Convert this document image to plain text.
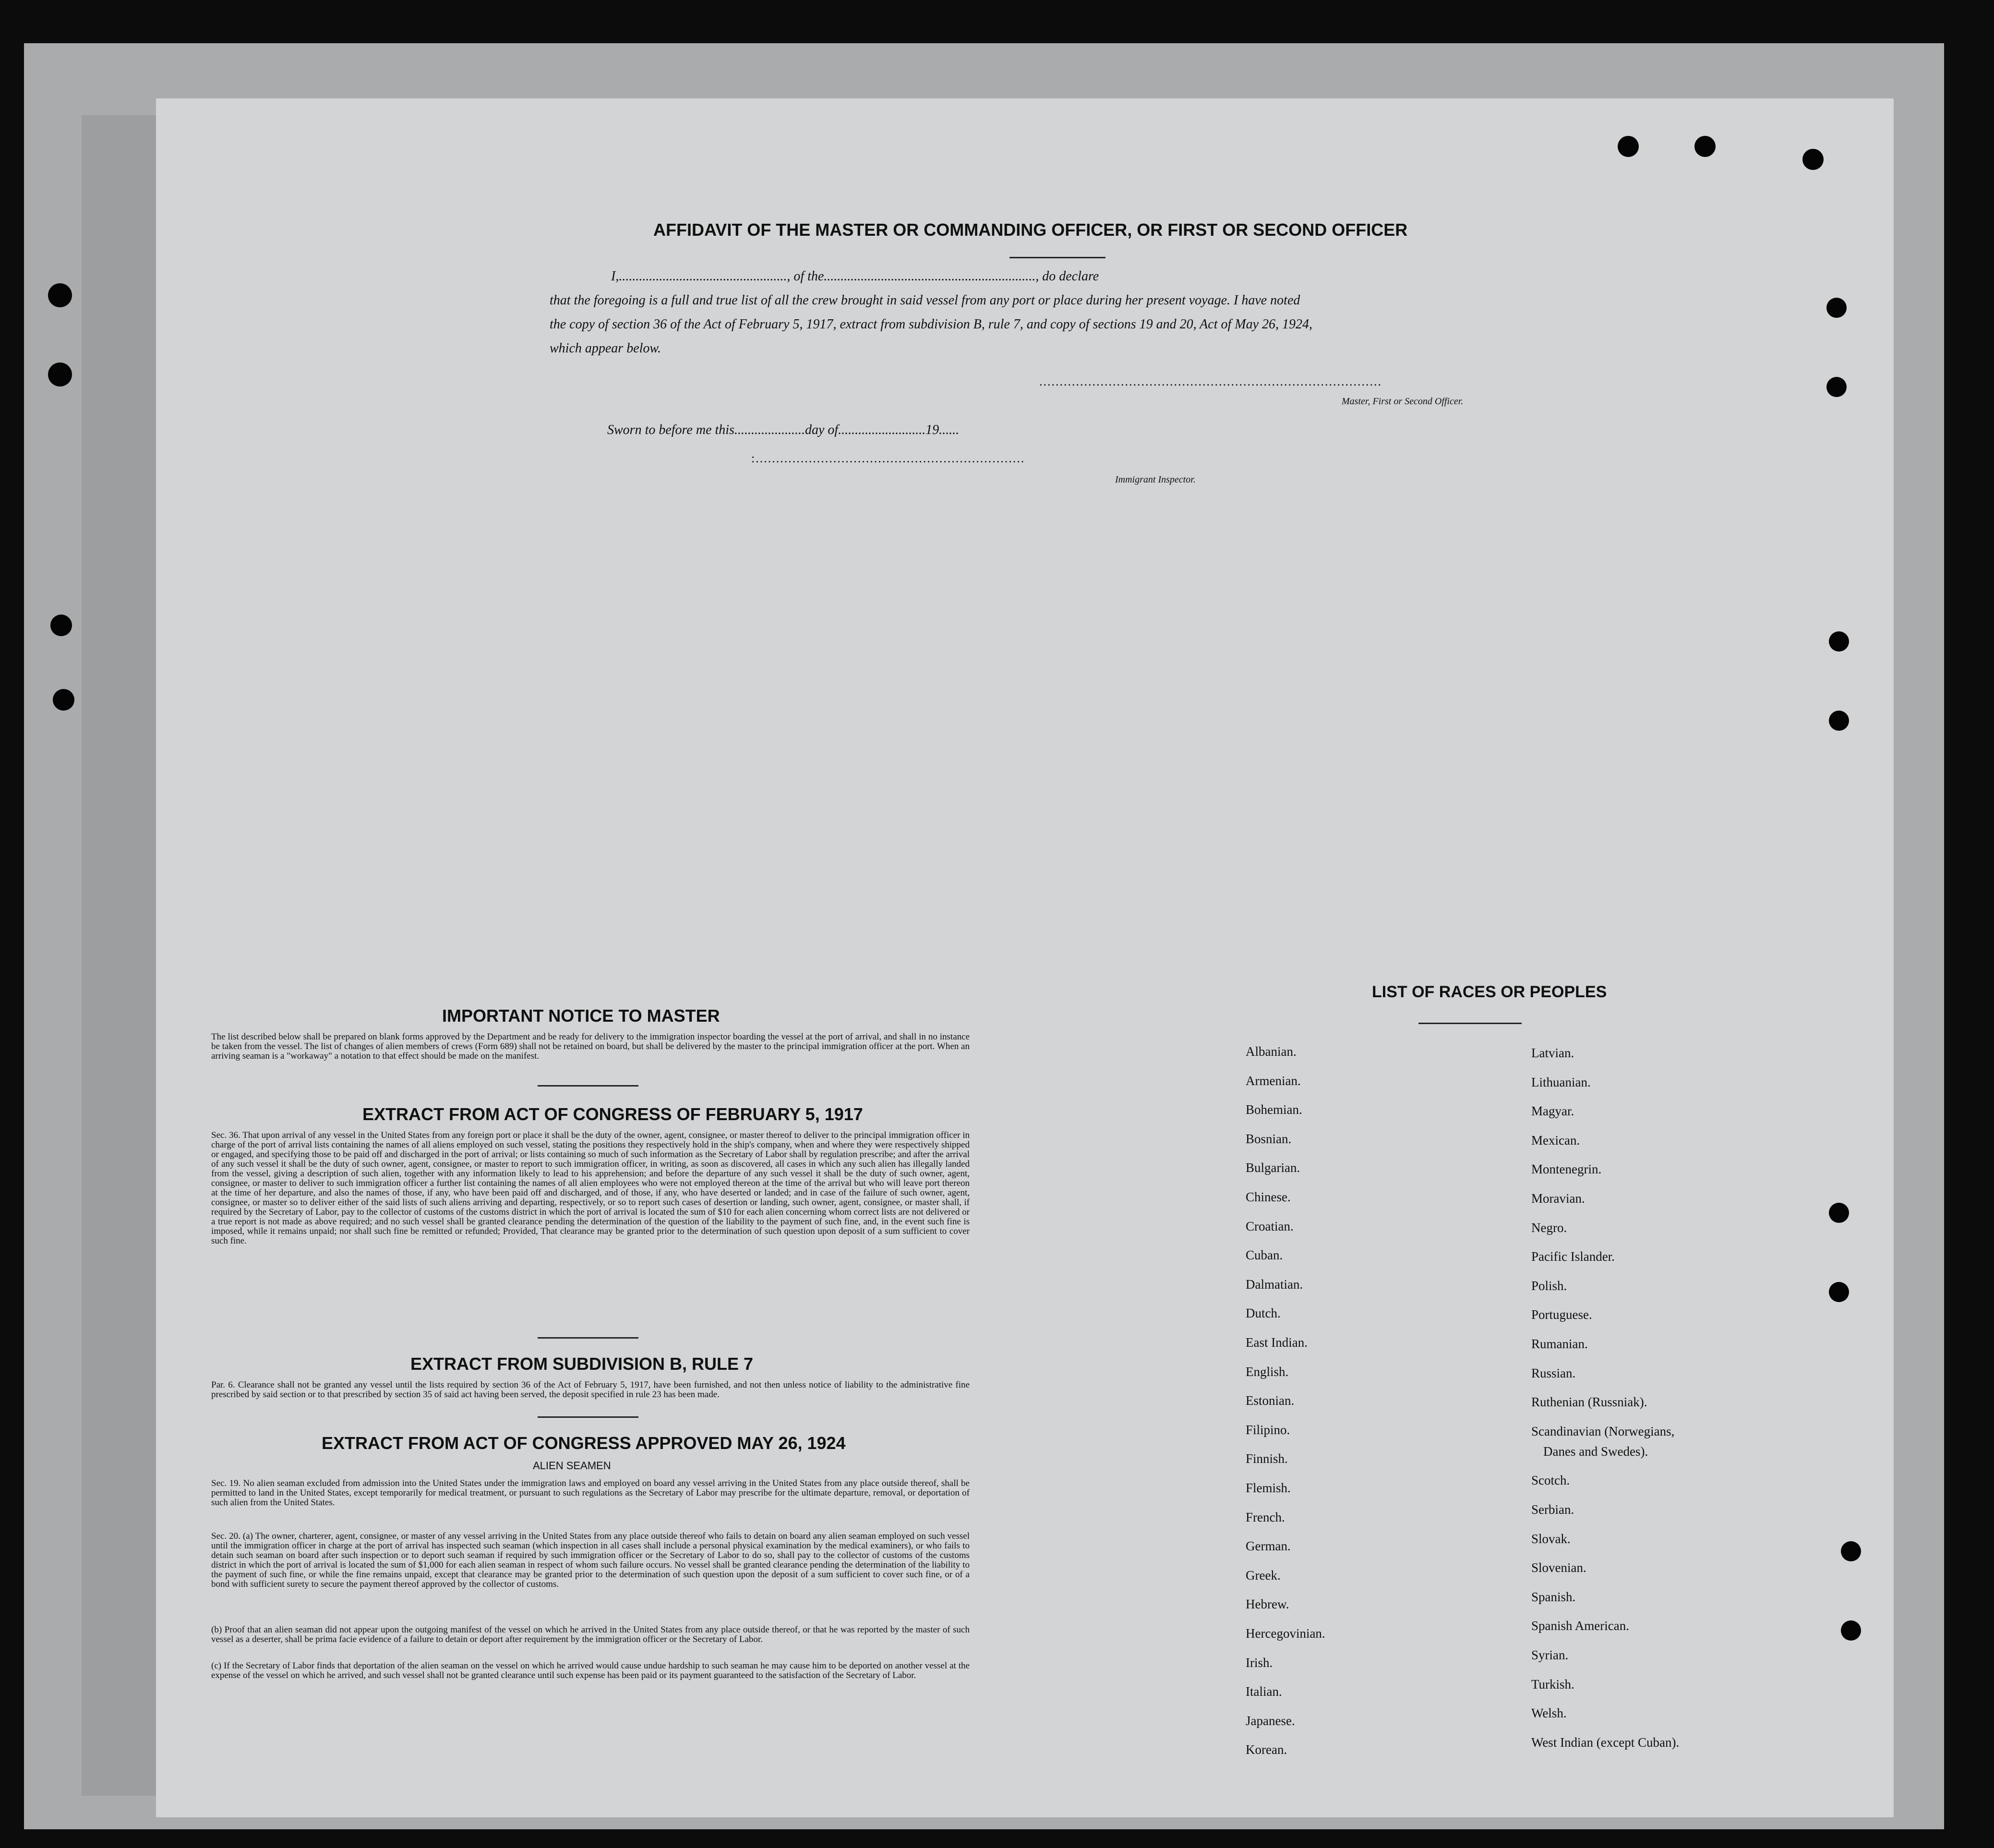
AFFIDAVIT OF THE MASTER OR COMMANDING OFFICER, OR FIRST OR SECOND OFFICER
I,.................................................., of the..............................................................., do declare
that the foregoing is a full and true list of all the crew brought in said vessel from any port or place during her present voyage. I have noted
the copy of section 36 of the Act of February 5, 1917, extract from subdivision B, rule 7, and copy of sections 19 and 20, Act of May 26, 1924,
which appear below.
....................................................................................
Master, First or Second Officer.
Sworn to before me this.....................day of..........................19......
:..................................................................
Immigrant Inspector.
IMPORTANT NOTICE TO MASTER
The list described below shall be prepared on blank forms approved by the Department and be ready for delivery to the immigration inspector boarding the vessel at the port of arrival, and shall in no instance be taken from the vessel. The list of changes of alien members of crews (Form 689) shall not be retained on board, but shall be delivered by the master to the principal immigration officer at the port. When an arriving seaman is a "workaway" a notation to that effect should be made on the manifest.
EXTRACT FROM ACT OF CONGRESS OF FEBRUARY 5, 1917
Sec. 36. That upon arrival of any vessel in the United States from any foreign port or place it shall be the duty of the owner, agent, consignee, or master thereof to deliver to the principal immigration officer in charge of the port of arrival lists containing the names of all aliens employed on such vessel, stating the positions they respectively hold in the ship's company, when and where they were respectively shipped or engaged, and specifying those to be paid off and discharged in the port of arrival; or lists containing so much of such information as the Secretary of Labor shall by regulation prescribe; and after the arrival of any such vessel it shall be the duty of such owner, agent, consignee, or master to report to such immigration officer, in writing, as soon as discovered, all cases in which any such alien has illegally landed from the vessel, giving a description of such alien, together with any information likely to lead to his apprehension; and before the departure of any such vessel it shall be the duty of such owner, agent, consignee, or master to deliver to such immigration officer a further list containing the names of all alien employees who were not employed thereon at the time of the arrival but who will leave port thereon at the time of her departure, and also the names of those, if any, who have been paid off and discharged, and of those, if any, who have deserted or landed; and in case of the failure of such owner, agent, consignee, or master so to deliver either of the said lists of such aliens arriving and departing, respectively, or so to report such cases of desertion or landing, such owner, agent, consignee, or master shall, if required by the Secretary of Labor, pay to the collector of customs of the customs district in which the port of arrival is located the sum of $10 for each alien concerning whom correct lists are not delivered or a true report is not made as above required; and no such vessel shall be granted clearance pending the determination of the question of the liability to the payment of such fine, and, in the event such fine is imposed, while it remains unpaid; nor shall such fine be remitted or refunded; Provided, That clearance may be granted prior to the determination of such question upon deposit of a sum sufficient to cover such fine.
EXTRACT FROM SUBDIVISION B, RULE 7
Par. 6. Clearance shall not be granted any vessel until the lists required by section 36 of the Act of February 5, 1917, have been furnished, and not then unless notice of liability to the administrative fine prescribed by said section or to that prescribed by section 35 of said act having been served, the deposit specified in rule 23 has been made.
EXTRACT FROM ACT OF CONGRESS APPROVED MAY 26, 1924
ALIEN SEAMEN
Sec. 19. No alien seaman excluded from admission into the United States under the immigration laws and employed on board any vessel arriving in the United States from any place outside thereof, shall be permitted to land in the United States, except temporarily for medical treatment, or pursuant to such regulations as the Secretary of Labor may prescribe for the ultimate departure, removal, or deportation of such alien from the United States.
Sec. 20. (a) The owner, charterer, agent, consignee, or master of any vessel arriving in the United States from any place outside thereof who fails to detain on board any alien seaman employed on such vessel until the immigration officer in charge at the port of arrival has inspected such seaman (which inspection in all cases shall include a personal physical examination by the medical examiners), or who fails to detain such seaman on board after such inspection or to deport such seaman if required by such immigration officer or the Secretary of Labor to do so, shall pay to the collector of customs of the customs district in which the port of arrival is located the sum of $1,000 for each alien seaman in respect of whom such failure occurs. No vessel shall be granted clearance pending the determination of the liability to the payment of such fine, or while the fine remains unpaid, except that clearance may be granted prior to the determination of such question upon the deposit of a sum sufficient to cover such fine, or of a bond with sufficient surety to secure the payment thereof approved by the collector of customs.
(b) Proof that an alien seaman did not appear upon the outgoing manifest of the vessel on which he arrived in the United States from any place outside thereof, or that he was reported by the master of such vessel as a deserter, shall be prima facie evidence of a failure to detain or deport after requirement by the immigration officer or the Secretary of Labor.
(c) If the Secretary of Labor finds that deportation of the alien seaman on the vessel on which he arrived would cause undue hardship to such seaman he may cause him to be deported on another vessel at the expense of the vessel on which he arrived, and such vessel shall not be granted clearance until such expense has been paid or its payment guaranteed to the satisfaction of the Secretary of Labor.
LIST OF RACES OR PEOPLES
Albanian.
Armenian.
Bohemian.
Bosnian.
Bulgarian.
Chinese.
Croatian.
Cuban.
Dalmatian.
Dutch.
East Indian.
English.
Estonian.
Filipino.
Finnish.
Flemish.
French.
German.
Greek.
Hebrew.
Hercegovinian.
Irish.
Italian.
Japanese.
Korean.
Latvian.
Lithuanian.
Magyar.
Mexican.
Montenegrin.
Moravian.
Negro.
Pacific Islander.
Polish.
Portuguese.
Rumanian.
Russian.
Ruthenian (Russniak).
Scandinavian (Norwegians,
Danes and Swedes).
Scotch.
Serbian.
Slovak.
Slovenian.
Spanish.
Spanish American.
Syrian.
Turkish.
Welsh.
West Indian (except Cuban).
